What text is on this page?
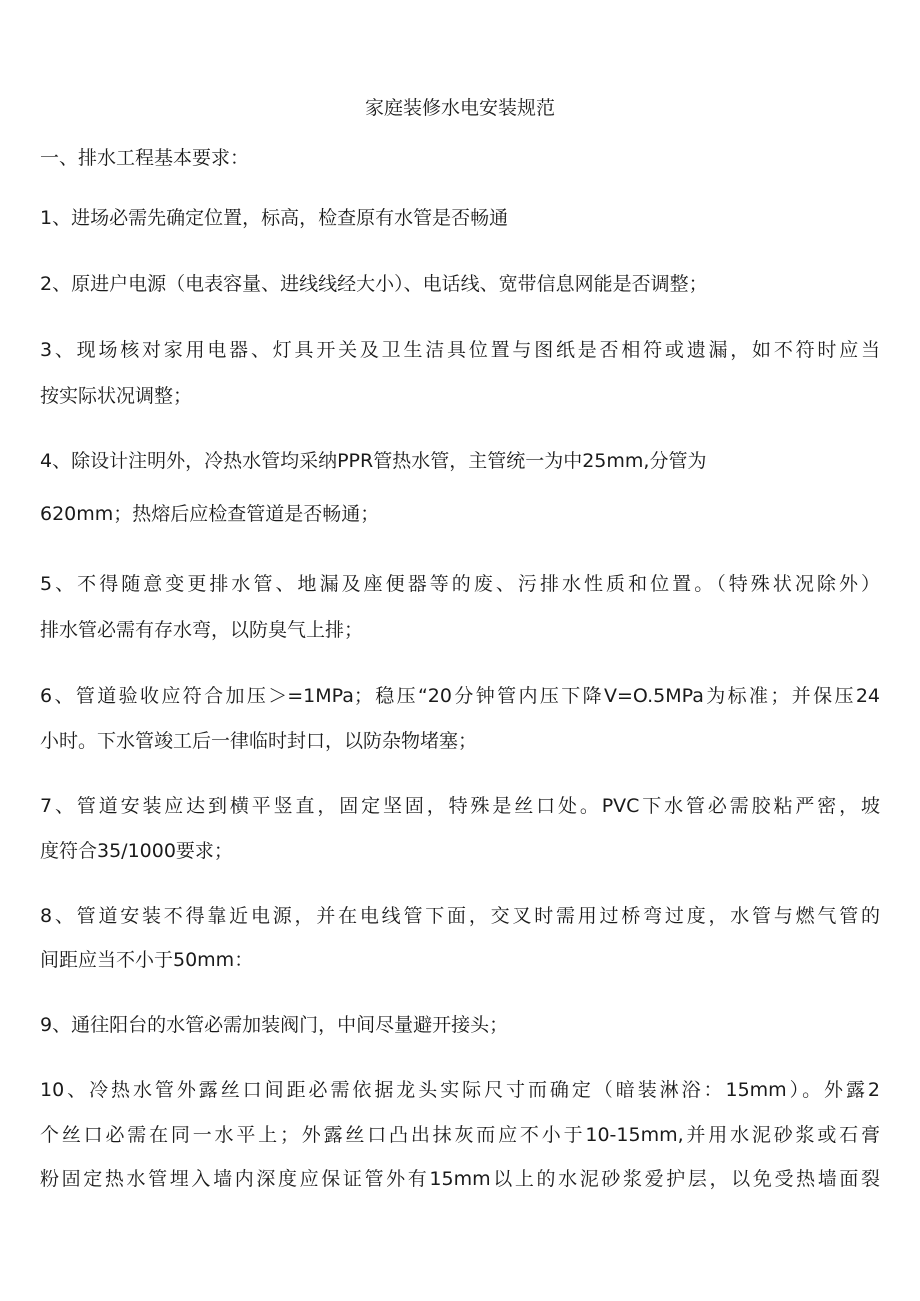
家庭装修水电安装规范
一、排水工程基本要求：
1、进场必需先确定位置，标高，检查原有水管是否畅通
2、原进户电源（电表容量、进线线经大小）、电话线、宽带信息网能是否调整；
3、现场核对家用电器、灯具开关及卫生洁具位置与图纸是否相符或遗漏，如不符时应当
按实际状况调整；
4、除设计注明外，冷热水管均采纳PPR管热水管，主管统一为中25mm,分管为
620mm；热熔后应检查管道是否畅通；
5、不得随意变更排水管、地漏及座便器等的废、污排水性质和位置。（特殊状况除外）
排水管必需有存水弯，以防臭气上排；
6、管道验收应符合加压＞=1MPa；稳压“20分钟管内压下降V=O.5MPa为标准；并保压24
小时。下水管竣工后一律临时封口，以防杂物堵塞；
7、管道安装应达到横平竖直，固定坚固，特殊是丝口处。PVC下水管必需胶粘严密，坡
度符合35/1000要求；
8、管道安装不得靠近电源，并在电线管下面，交叉时需用过桥弯过度，水管与燃气管的
间距应当不小于50mm：
9、通往阳台的水管必需加装阀门，中间尽量避开接头；
10、冷热水管外露丝口间距必需依据龙头实际尺寸而确定（暗装淋浴：15mm）。外露2
个丝口必需在同一水平上；外露丝口凸出抹灰而应不小于10-15mm,并用水泥砂浆或石膏
粉固定热水管埋入墙内深度应保证管外有15mm以上的水泥砂浆爱护层，以免受热墙面裂
